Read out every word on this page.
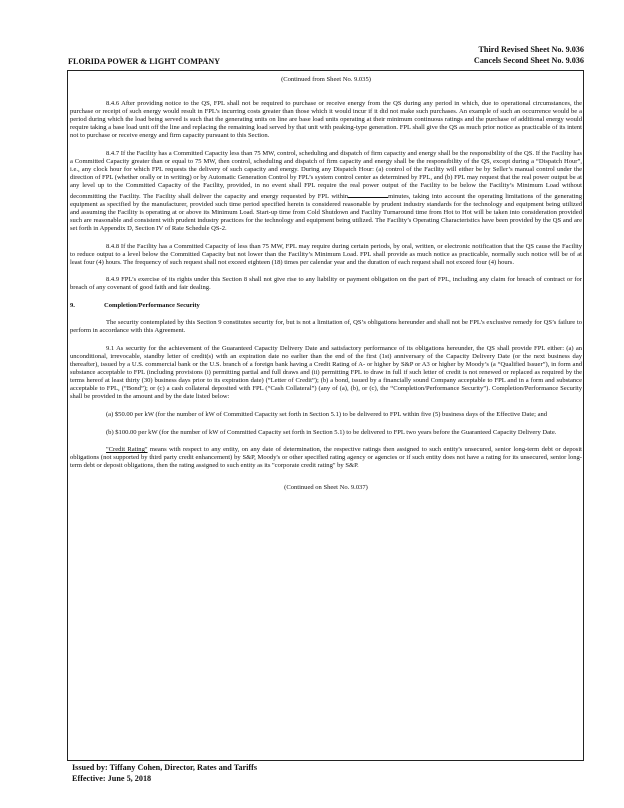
Third Revised Sheet No. 9.036
Cancels Second Sheet No. 9.036
FLORIDA POWER & LIGHT COMPANY
(Continued from Sheet No. 9.035)

8.4.6 After providing notice to the QS, FPL shall not be required to purchase or receive energy from the QS during any period in which, due to operational circumstances, the purchase or receipt of such energy would result in FPL’s incurring costs greater than those which it would incur if it did not make such purchases. An example of such an occurrence would be a period during which the load being served is such that the generating units on line are base load units operating at their minimum continuous ratings and the purchase of additional energy would require taking a base load unit off the line and replacing the remaining load served by that unit with peaking-type generation. FPL shall give the QS as much prior notice as practicable of its intent not to purchase or receive energy and firm capacity pursuant to this Section.

8.4.7 If the Facility has a Committed Capacity less than 75 MW, control, scheduling and dispatch of firm capacity and energy shall be the responsibility of the QS. If the Facility has a Committed Capacity greater than or equal to 75 MW, then control, scheduling and dispatch of firm capacity and energy shall be the responsibility of the QS, except during a “Dispatch Hour”, i.e., any clock hour for which FPL requests the delivery of such capacity and energy. During any Dispatch Hour: (a) control of the Facility will either be by Seller’s manual control under the direction of FPL (whether orally or in writing) or by Automatic Generation Control by FPL’s system control center as determined by FPL, and (b) FPL may request that the real power output be at any level up to the Committed Capacity of the Facility, provided, in no event shall FPL require the real power output of the Facility to be below the Facility’s Minimum Load without decommitting the Facility. The Facility shall deliver the capacity and energy requested by FPL within	minutes, taking into account the operating limitations of the generating equipment as specified by the manufacturer, provided such time period specified herein is considered reasonable by prudent industry standards for the technology and equipment being utilized and assuming the Facility is operating at or above its Minimum Load. Start-up time from Cold Shutdown and Facility Turnaround time from Hot to Hot will be taken into consideration provided such are reasonable and consistent with prudent industry practices for the technology and equipment being utilized. The Facility’s Operating Characteristics have been provided by the QS and are set forth in Appendix D, Section IV of Rate Schedule QS-2.

8.4.8 If the Facility has a Committed Capacity of less than 75 MW, FPL may require during certain periods, by oral, written, or electronic notification that the QS cause the Facility to reduce output to a level below the Committed Capacity but not lower than the Facility’s Minimum Load. FPL shall provide as much notice as practicable, normally such notice will be of at least four (4) hours. The frequency of such request shall not exceed eighteen (18) times per calendar year and the duration of each request shall not exceed four (4) hours.

8.4.9 FPL’s exercise of its rights under this Section 8 shall not give rise to any liability or payment obligation on the part of FPL, including any claim for breach of contract or for breach of any covenant of good faith and fair dealing.

9.	Completion/Performance Security

The security contemplated by this Section 9 constitutes security for, but is not a limitation of, QS’s obligations hereunder and shall not be FPL’s exclusive remedy for QS’s failure to perform in accordance with this Agreement.

9.1 As security for the achievement of the Guaranteed Capacity Delivery Date and satisfactory performance of its obligations hereunder, the QS shall provide FPL either: (a) an unconditional, irrevocable, standby letter of credit(s) with an expiration date no earlier than the end of the first (1st) anniversary of the Capacity Delivery Date (or the next business day thereafter), issued by a U.S. commercial bank or the U.S. branch of a foreign bank having a Credit Rating of A- or higher by S&P or A3 or higher by Moody’s (a “Qualified Issuer”), in form and substance acceptable to FPL (including provisions (i) permitting partial and full draws and (ii) permitting FPL to draw in full if such letter of credit is not renewed or replaced as required by the terms hereof at least thirty (30) business days prior to its expiration date) (“Letter of Credit”); (b) a bond, issued by a financially sound Company acceptable to FPL and in a form and substance acceptable to FPL, (“Bond”); or (c) a cash collateral deposited with FPL (“Cash Collateral”) (any of (a), (b), or (c), the “Completion/Performance Security”). Completion/Performance Security shall be provided in the amount and by the date listed below:

(a) $50.00 per kW (for the number of kW of Committed Capacity set forth in Section 5.1) to be delivered to FPL within five (5) business days of the Effective Date; and

(b) $100.00 per kW (for the number of kW of Committed Capacity set forth in Section 5.1) to be delivered to FPL two years before the Guaranteed Capacity Delivery Date.

"Credit Rating" means with respect to any entity, on any date of determination, the respective ratings then assigned to such entity's unsecured, senior long-term debt or deposit obligations (not supported by third party credit enhancement) by S&P, Moody's or other specified rating agency or agencies or if such entity does not have a rating for its unsecured, senior long-term debt or deposit obligations, then the rating assigned to such entity as its "corporate credit rating" by S&P.

(Continued on Sheet No. 9.037)
Issued by: Tiffany Cohen, Director, Rates and Tariffs
Effective: June 5, 2018
